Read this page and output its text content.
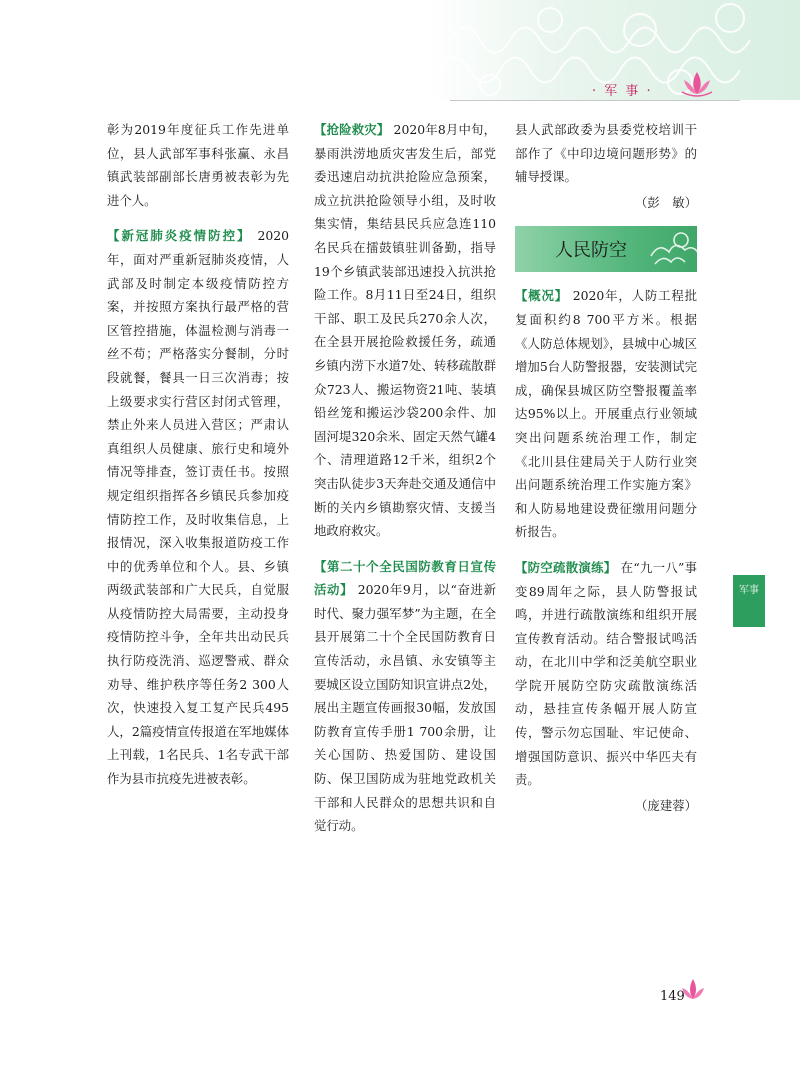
· 军 事 ·

彰为2019年度征兵工作先进单位，县人武部军事科张赢、永昌镇武装部副部长唐勇被表彰为先进个人。

【新冠肺炎疫情防控】 2020年，面对严重新冠肺炎疫情，人武部及时制定本级疫情防控方案，并按照方案执行最严格的营区管控措施，体温检测与消毒一丝不苟；严格落实分餐制，分时段就餐，餐具一日三次消毒；按上级要求实行营区封闭式管理，禁止外来人员进入营区；严肃认真组织人员健康、旅行史和境外情况等排查，签订责任书。按照规定组织指挥各乡镇民兵参加疫情防控工作，及时收集信息，上报情况，深入收集报道防疫工作中的优秀单位和个人。县、乡镇两级武装部和广大民兵，自觉服从疫情防控大局需要，主动投身疫情防控斗争，全年共出动民兵执行防疫洗消、巡逻警戒、群众劝导、维护秩序等任务2 300人次，快速投入复工复产民兵495人，2篇疫情宣传报道在军地媒体上刊载，1名民兵、1名专武干部作为县市抗疫先进被表彰。

【抢险救灾】 2020年8月中旬，暴雨洪涝地质灾害发生后，部党委迅速启动抗洪抢险应急预案，成立抗洪抢险领导小组，及时收集实情，集结县民兵应急连110名民兵在擂鼓镇驻训备勤，指导19个乡镇武装部迅速投入抗洪抢险工作。8月11日至24日，组织干部、职工及民兵270余人次，在全县开展抢险救援任务，疏通乡镇内涝下水道7处、转移疏散群众723人、搬运物资21吨、装填铅丝笼和搬运沙袋200余件、加固河堤320余米、固定天然气罐4个、清理道路12千米，组织2个突击队徒步3天奔赴交通及通信中断的关内乡镇勘察灾情、支援当地政府救灾。

【第二十个全民国防教育日宣传活动】 2020年9月，以“奋进新时代、聚力强军梦”为主题，在全县开展第二十个全民国防教育日宣传活动，永昌镇、永安镇等主要城区设立国防知识宣讲点2处，展出主题宣传画报30幅，发放国防教育宣传手册1 700余册，让关心国防、热爱国防、建设国防、保卫国防成为驻地党政机关干部和人民群众的思想共识和自觉行动。

县人武部政委为县委党校培训干部作了《中印边境问题形势》的辅导授课。

（彭　敏）

【概况】 2020年，人防工程批复面积约8 700平方米。根据《人防总体规划》，县城中心城区增加5台人防警报器，安装测试完成，确保县城区防空警报覆盖率达95%以上。开展重点行业领域突出问题系统治理工作，制定《北川县住建局关于人防行业突出问题系统治理工作实施方案》和人防易地建设费征缴用问题分析报告。

【防空疏散演练】 在“九一八”事变89周年之际，县人防警报试鸣，并进行疏散演练和组织开展宣传教育活动。结合警报试鸣活动，在北川中学和泛美航空职业学院开展防空防灾疏散演练活动，悬挂宣传条幅开展人防宣传，警示勿忘国耻、牢记使命、增强国防意识、振兴中华匹夫有责。

（庞建蓉）

人民防空
军事
149
